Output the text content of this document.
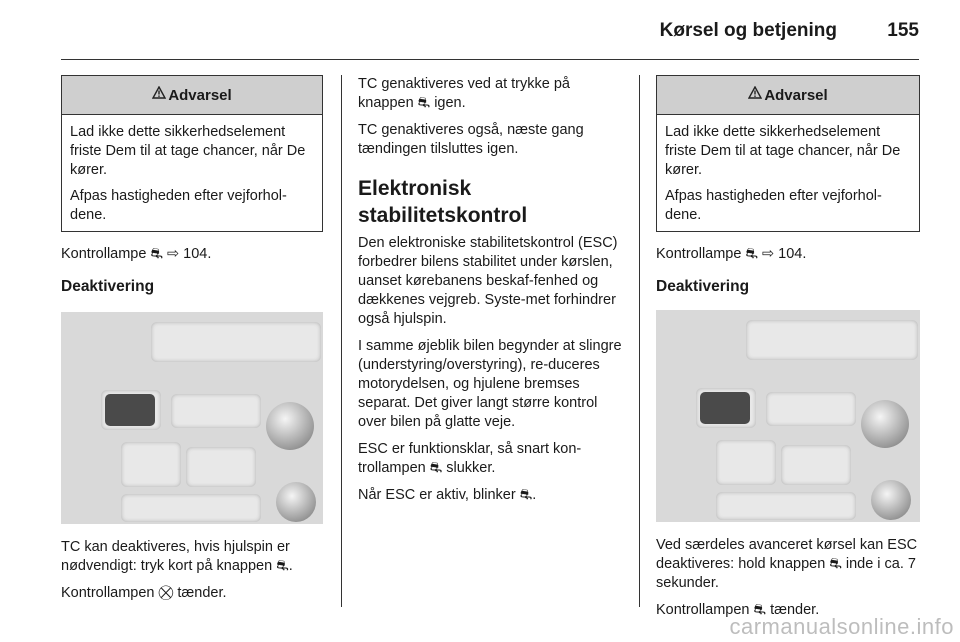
Kørsel og betjening	155
Advarsel

Lad ikke dette sikkerhedselement friste Dem til at tage chancer, når De kører.

Afpas hastigheden efter vejforhol-dene.

Kontrollampe ⛐ ⇨ 104.

Deaktivering

TC kan deaktiveres, hvis hjulspin er nødvendigt: tryk kort på knappen ⛐.

Kontrollampen ⛒ tænder.

TC genaktiveres ved at trykke på knappen ⛐ igen.

TC genaktiveres også, næste gang tændingen tilsluttes igen.

Elektronisk stabilitetskontrol

Den elektroniske stabilitetskontrol (ESC) forbedrer bilens stabilitet under kørslen, uanset kørebanens beskaf-fenhed og dækkenes vejgreb. Syste-met forhindrer også hjulspin.

I samme øjeblik bilen begynder at slingre (understyring/overstyring), re-duceres motorydelsen, og hjulene bremses separat. Det giver langt større kontrol over bilen på glatte veje.

ESC er funktionsklar, så snart kon-trollampen ⛐ slukker.

Når ESC er aktiv, blinker ⛐.

Advarsel

Lad ikke dette sikkerhedselement friste Dem til at tage chancer, når De kører.

Afpas hastigheden efter vejforhol-dene.

Kontrollampe ⛐ ⇨ 104.

Deaktivering

Ved særdeles avanceret kørsel kan ESC deaktiveres: hold knappen ⛐ inde i ca. 7 sekunder.

Kontrollampen ⛐ tænder.

carmanualsonline.info
